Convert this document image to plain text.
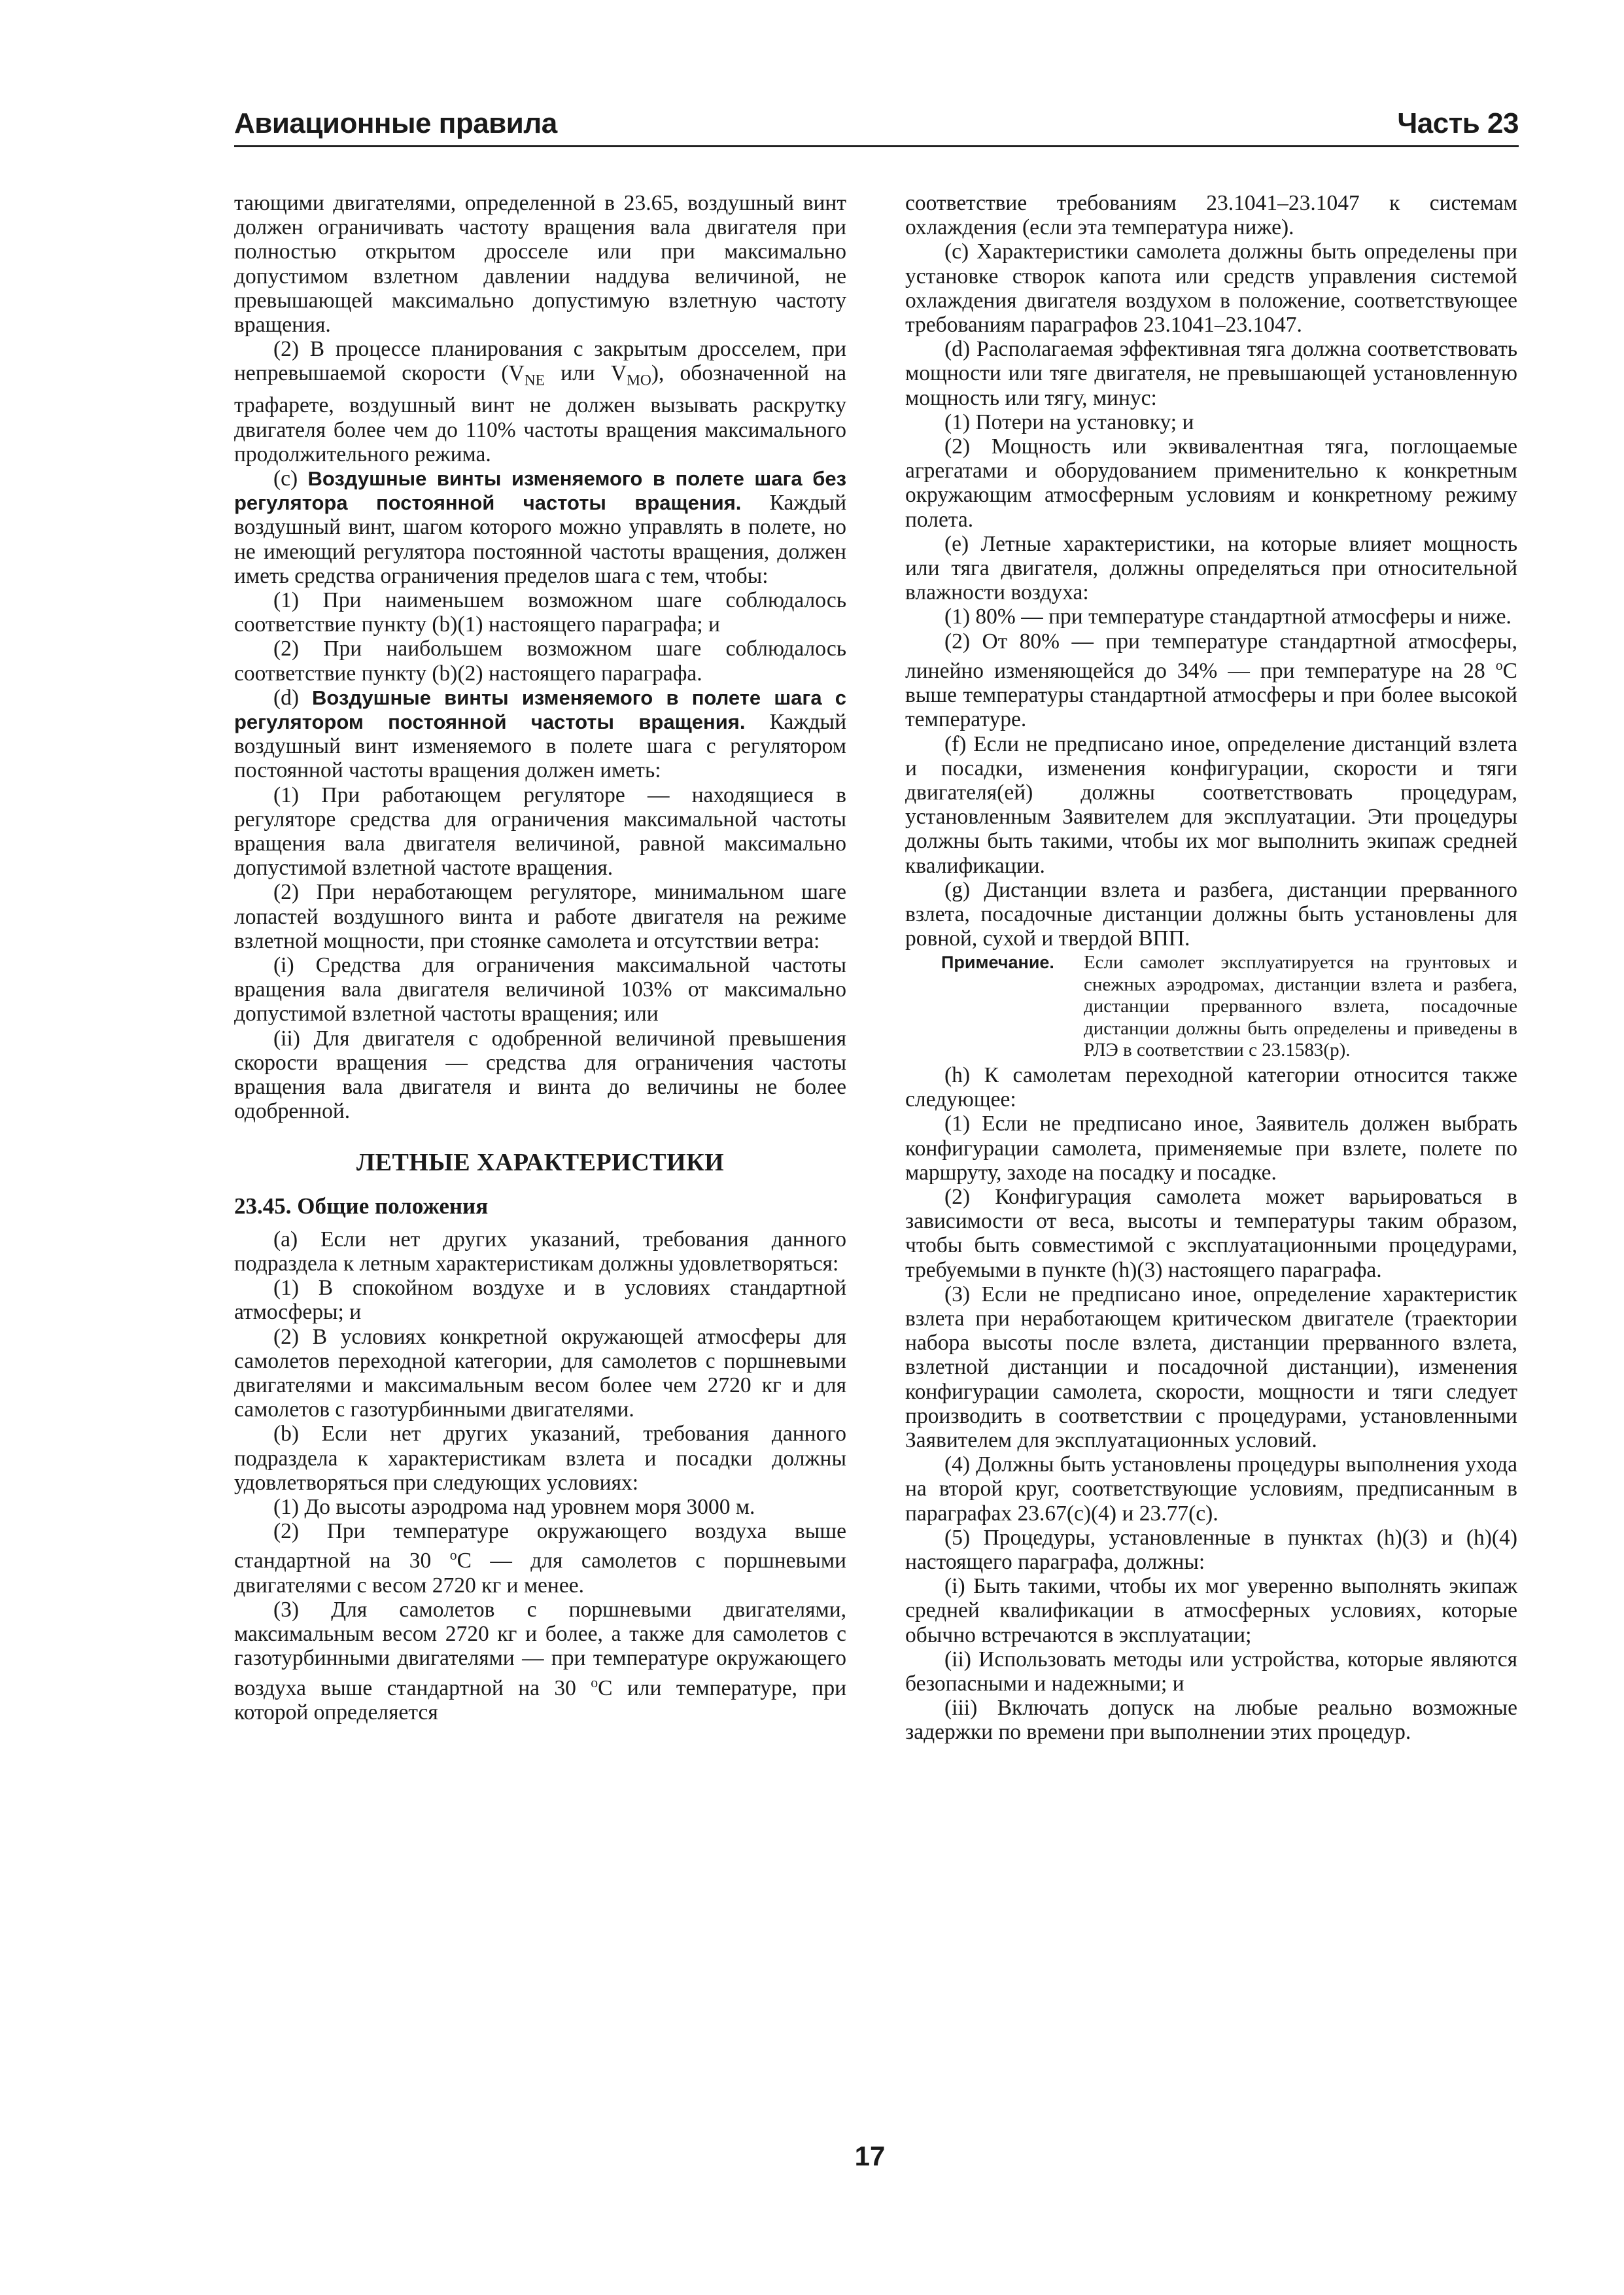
Авиационные правила	Часть 23

тающими двигателями, определенной в 23.65, воздушный винт должен ограничивать частоту вращения вала двигателя при полностью открытом дросселе или при максимально допустимом взлетном давлении наддува величиной, не превышающей максимально допустимую взлетную частоту вращения.

(2) В процессе планирования с закрытым дросселем, при непревышаемой скорости ($V_{NE}$ или $V_{MO}$), обозначенной на трафарете, воздушный винт не должен вызывать раскрутку двигателя более чем до 110% частоты вращения максимального продолжительного режима.

(c) Воздушные винты изменяемого в полете шага без регулятора постоянной частоты вращения. Каждый воздушный винт, шагом которого можно управлять в полете, но не имеющий регулятора постоянной частоты вращения, должен иметь средства ограничения пределов шага с тем, чтобы:

(1) При наименьшем возможном шаге соблюдалось соответствие пункту (b)(1) настоящего параграфа; и

(2) При наибольшем возможном шаге соблюдалось соответствие пункту (b)(2) настоящего параграфа.

(d) Воздушные винты изменяемого в полете шага с регулятором постоянной частоты вращения. Каждый воздушный винт изменяемого в полете шага с регулятором постоянной частоты вращения должен иметь:

(1) При работающем регуляторе — находящиеся в регуляторе средства для ограничения максимальной частоты вращения вала двигателя величиной, равной максимально допустимой взлетной частоте вращения.

(2) При неработающем регуляторе, минимальном шаге лопастей воздушного винта и работе двигателя на режиме взлетной мощности, при стоянке самолета и отсутствии ветра:

(i) Средства для ограничения максимальной частоты вращения вала двигателя величиной 103% от максимально допустимой взлетной частоты вращения; или

(ii) Для двигателя с одобренной величиной превышения скорости вращения — средства для ограничения частоты вращения вала двигателя и винта до величины не более одобренной.

ЛЕТНЫЕ ХАРАКТЕРИСТИКИ

23.45. Общие положения

(a) Если нет других указаний, требования данного подраздела к летным характеристикам должны удовлетворяться:

(1) В спокойном воздухе и в условиях стандартной атмосферы; и

(2) В условиях конкретной окружающей атмосферы для самолетов переходной категории, для самолетов с поршневыми двигателями и максимальным весом более чем 2720 кг и для самолетов с газотурбинными двигателями.

(b) Если нет других указаний, требования данного подраздела к характеристикам взлета и посадки должны удовлетворяться при следующих условиях:

(1) До высоты аэродрома над уровнем моря 3000 м.

(2) При температуре окружающего воздуха выше стандартной на 30 $^o$C — для самолетов с поршневыми двигателями с весом 2720 кг и менее.

(3) Для самолетов с поршневыми двигателями, максимальным весом 2720 кг и более, а также для самолетов с газотурбинными двигателями — при температуре окружающего воздуха выше стандартной на 30 $^o$C или температуре, при которой определяется

соответствие требованиям 23.1041–23.1047 к системам охлаждения (если эта температура ниже).

(c) Характеристики самолета должны быть определены при установке створок капота или средств управления системой охлаждения двигателя воздухом в положение, соответствующее требованиям параграфов 23.1041–23.1047.

(d) Располагаемая эффективная тяга должна соответствовать мощности или тяге двигателя, не превышающей установленную мощность или тягу, минус:

(1) Потери на установку; и

(2) Мощность или эквивалентная тяга, поглощаемые агрегатами и оборудованием применительно к конкретным окружающим атмосферным условиям и конкретному режиму полета.

(e) Летные характеристики, на которые влияет мощность или тяга двигателя, должны определяться при относительной влажности воздуха:

(1) 80% — при температуре стандартной атмосферы и ниже.

(2) От 80% — при температуре стандартной атмосферы, линейно изменяющейся до 34% — при температуре на 28 $^o$C выше температуры стандартной атмосферы и при более высокой температуре.

(f) Если не предписано иное, определение дистанций взлета и посадки, изменения конфигурации, скорости и тяги двигателя(ей) должны соответствовать процедурам, установленным Заявителем для эксплуатации. Эти процедуры должны быть такими, чтобы их мог выполнить экипаж средней квалификации.

(g) Дистанции взлета и разбега, дистанции прерванного взлета, посадочные дистанции должны быть установлены для ровной, сухой и твердой ВПП.

Примечание.	Если самолет эксплуатируется на грунтовых и снежных аэродромах, дистанции взлета и разбега, дистанции прерванного взлета, посадочные дистанции должны быть определены и приведены в РЛЭ в соответствии с 23.1583(p).

(h) К самолетам переходной категории относится также следующее:

(1) Если не предписано иное, Заявитель должен выбрать конфигурации самолета, применяемые при взлете, полете по маршруту, заходе на посадку и посадке.

(2) Конфигурация самолета может варьироваться в зависимости от веса, высоты и температуры таким образом, чтобы быть совместимой с эксплуатационными процедурами, требуемыми в пункте (h)(3) настоящего параграфа.

(3) Если не предписано иное, определение характеристик взлета при неработающем критическом двигателе (траектории набора высоты после взлета, дистанции прерванного взлета, взлетной дистанции и посадочной дистанции), изменения конфигурации самолета, скорости, мощности и тяги следует производить в соответствии с процедурами, установленными Заявителем для эксплуатационных условий.

(4) Должны быть установлены процедуры выполнения ухода на второй круг, соответствующие условиям, предписанным в параграфах 23.67(c)(4) и 23.77(c).

(5) Процедуры, установленные в пунктах (h)(3) и (h)(4) настоящего параграфа, должны:

(i) Быть такими, чтобы их мог уверенно выполнять экипаж средней квалификации в атмосферных условиях, которые обычно встречаются в эксплуатации;

(ii) Использовать методы или устройства, которые являются безопасными и надежными; и

(iii) Включать допуск на любые реально возможные задержки по времени при выполнении этих процедур.

17
